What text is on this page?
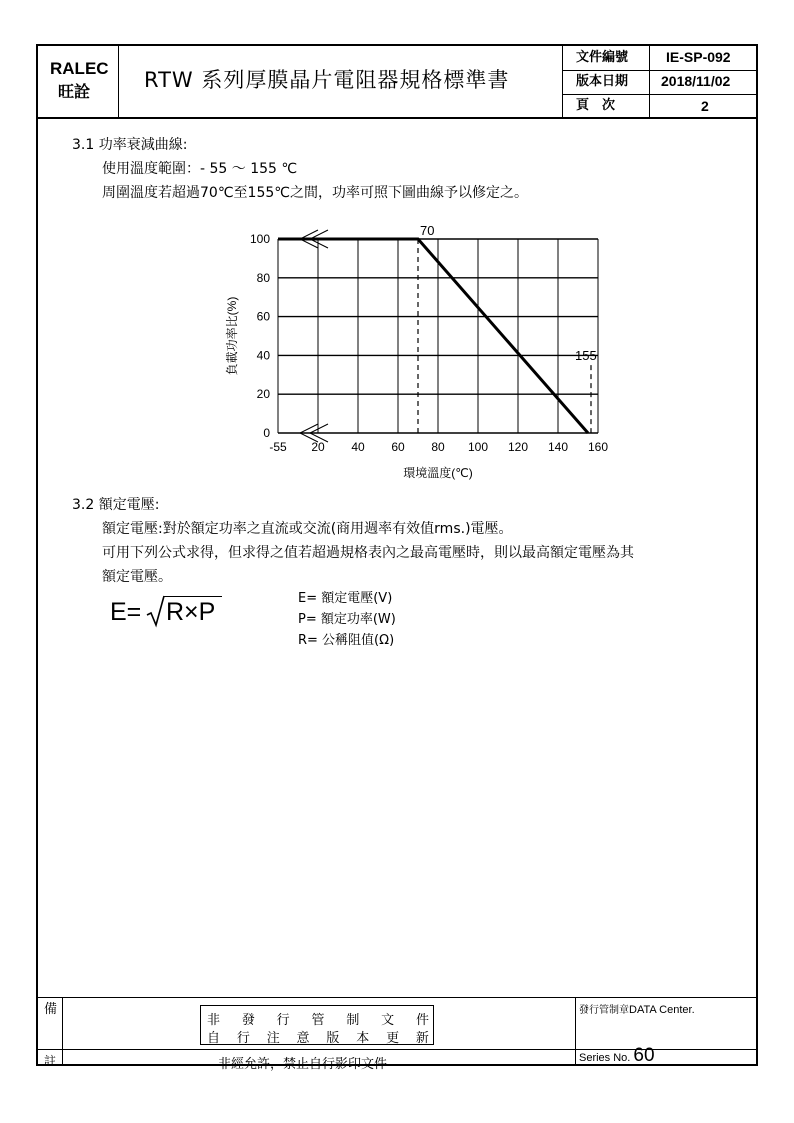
RALEC
旺詮	RTW 系列厚膜晶片電阻器規格標準書
文件編號	IE-SP-092
版本日期 2018/11/02
頁　次	2
3.1 功率衰減曲線:
使用溫度範圍：- 55 ～ 155 ℃
周圍溫度若超過70℃至155℃之間，功率可照下圖曲線予以修定之。
0
20
40
60
80
100
-55 20 40 60 80 100 120 140 160
70
155
負載功率比(%)
環境溫度(℃)
3.2 額定電壓:
額定電壓:對於額定功率之直流或交流(商用週率有效值rms.)電壓。
可用下列公式求得，但求得之值若超過規格表內之最高電壓時，則以最高額定電壓為其
額定電壓。
E= R×P	E= 額定電壓(V)
P= 額定功率(W)
R= 公稱阻值(Ω)
備
註
非 發 行 管 制 文 件
自 行 注 意 版 本 更 新
非經允許，禁止自行影印文件
發行管制章DATA Center.
Series No. 60
